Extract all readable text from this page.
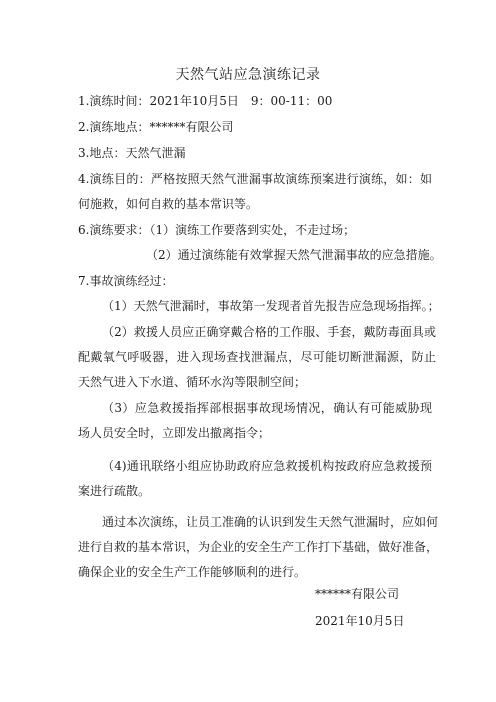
天然气站应急演练记录
1.演练时间：2021年10月5日　9：00-11：00
2.演练地点：******有限公司
3.地点：天然气泄漏
4.演练目的：严格按照天然气泄漏事故演练预案进行演练，如：如何施救，如何自救的基本常识等。
6.演练要求：（1）演练工作要落到实处，不走过场；
（2）通过演练能有效掌握天然气泄漏事故的应急措施。
7.事故演练经过：
（1）天然气泄漏时，事故第一发现者首先报告应急现场指挥。；
（2）救援人员应正确穿戴合格的工作服、手套，戴防毒面具或配戴氧气呼吸器，进入现场查找泄漏点，尽可能切断泄漏源，防止天然气进入下水道、循环水沟等限制空间；
（3）应急救援指挥部根据事故现场情况，确认有可能威胁现场人员安全时，立即发出撤离指令；
（4)通讯联络小组应协助政府应急救援机构按政府应急救援预案进行疏散。
通过本次演练，让员工准确的认识到发生天然气泄漏时，应如何进行自救的基本常识，为企业的安全生产工作打下基础，做好准备，确保企业的安全生产工作能够顺利的进行。
******有限公司
2021年10月5日
